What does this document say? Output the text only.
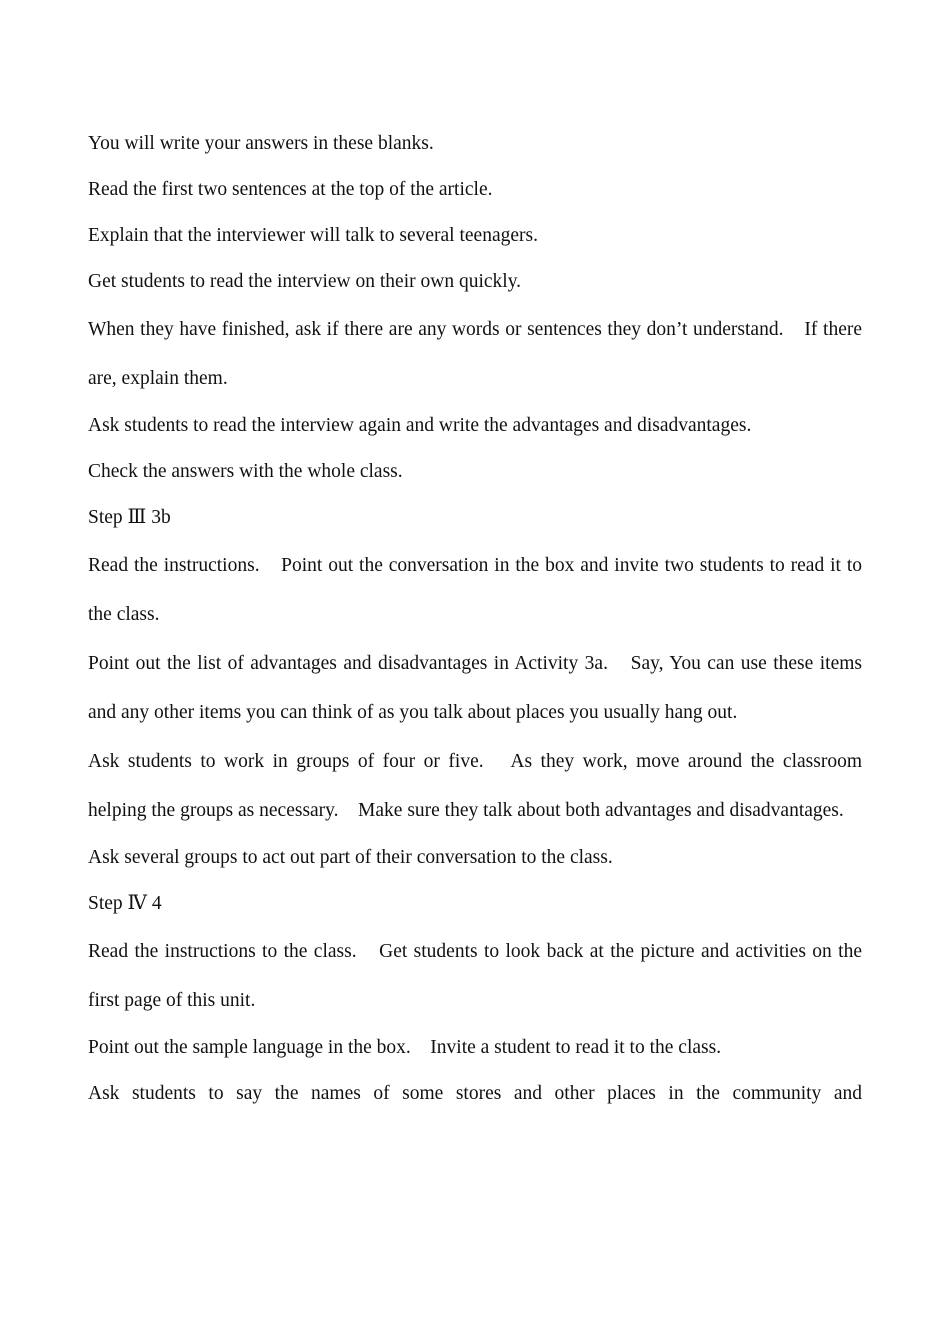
You will write your answers in these blanks.

Read the first two sentences at the top of the article.

Explain that the interviewer will talk to several teenagers.

Get students to read the interview on their own quickly.

When they have finished, ask if there are any words or sentences they don’t understand.　If there are, explain them.

Ask students to read the interview again and write the advantages and disadvantages.

Check the answers with the whole class.

Step Ⅲ 3b

Read the instructions.　Point out the conversation in the box and invite two students to read it to the class.

Point out the list of advantages and disadvantages in Activity 3a.　Say, You can use these items and any other items you can think of as you talk about places you usually hang out.

Ask students to work in groups of four or five.　As they work, move around the classroom helping the groups as necessary.　Make sure they talk about both advantages and disadvantages.

Ask several groups to act out part of their conversation to the class.

Step Ⅳ 4

Read the instructions to the class.　Get students to look back at the picture and activities on the first page of this unit.

Point out the sample language in the box.　Invite a student to read it to the class.

Ask students to say the names of some stores and other places in the community and
